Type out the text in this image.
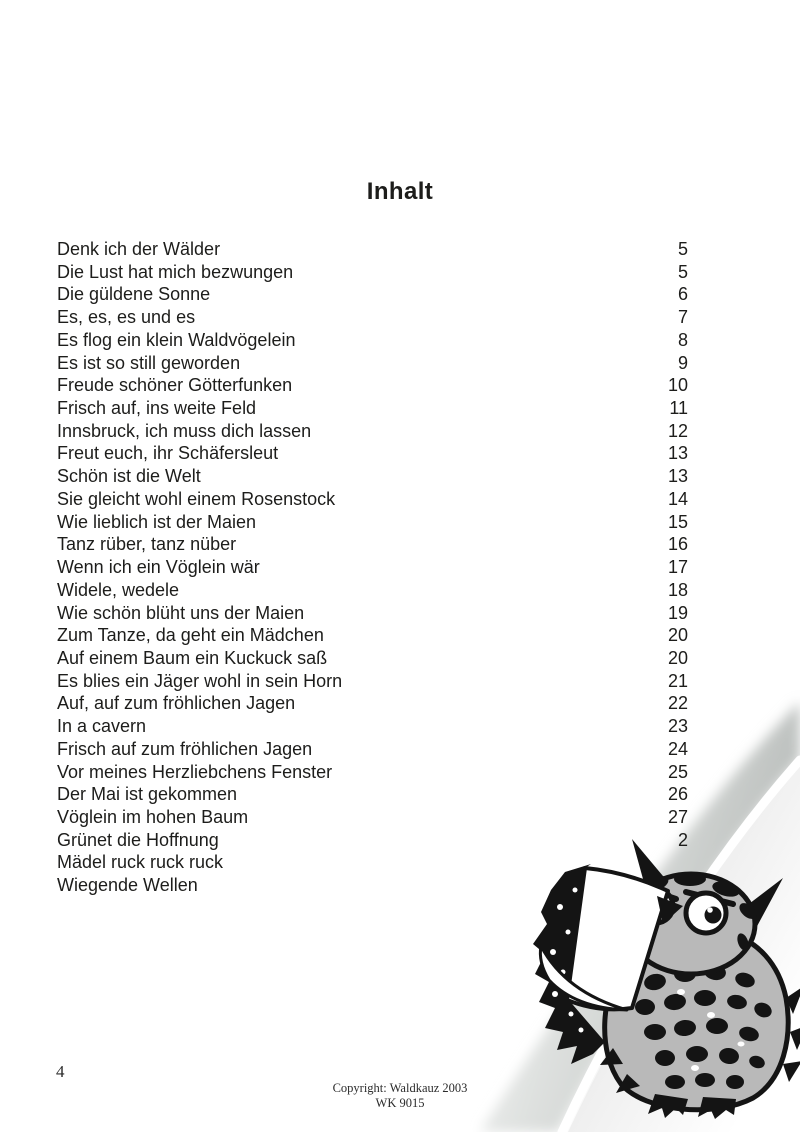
Inhalt
Denk ich der Wälder	5
Die Lust hat mich bezwungen	5
Die güldene Sonne	6
Es, es, es und es	7
Es flog ein klein Waldvögelein	8
Es ist so still geworden	9
Freude schöner Götterfunken	10
Frisch auf, ins weite Feld	11
Innsbruck, ich muss dich lassen	12
Freut euch, ihr Schäfersleut	13
Schön ist die Welt	13
Sie gleicht wohl einem Rosenstock	14
Wie lieblich ist der Maien	15
Tanz rüber, tanz nüber	16
Wenn ich ein Vöglein wär	17
Widele, wedele	18
Wie schön blüht uns der Maien	19
Zum Tanze, da geht ein Mädchen	20
Auf einem Baum ein Kuckuck saß	20
Es blies ein Jäger wohl in sein Horn	21
Auf, auf zum fröhlichen Jagen	22
In a cavern	23
Frisch auf zum fröhlichen Jagen	24
Vor meines Herzliebchens Fenster	25
Der Mai ist gekommen	26
Vöglein im hohen Baum	27
Grünet die Hoffnung	2
Mädel ruck ruck ruck
Wiegende Wellen
4
Copyright: Waldkauz 2003
WK 9015
